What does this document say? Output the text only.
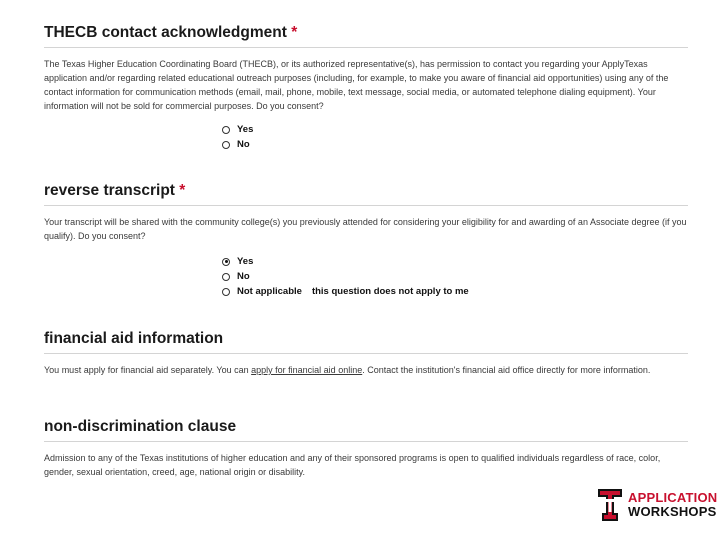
THECB contact acknowledgment *
The Texas Higher Education Coordinating Board (THECB), or its authorized representative(s), has permission to contact you regarding your ApplyTexas application and/or regarding related educational outreach purposes (including, for example, to make you aware of financial aid opportunities) using any of the contact information for communication methods (email, mail, phone, mobile, text message, social media, or automated telephone dialing equipment). Your information will not be sold for commercial purposes. Do you consent?
Yes
No
reverse transcript *
Your transcript will be shared with the community college(s) you previously attended for considering your eligibility for and awarding of an Associate degree (if you qualify). Do you consent?
Yes
No
Not applicable this question does not apply to me
financial aid information
You must apply for financial aid separately. You can apply for financial aid online. Contact the institution's financial aid office directly for more information.
non-discrimination clause
Admission to any of the Texas institutions of higher education and any of their sponsored programs is open to qualified individuals regardless of race, color, gender, sexual orientation, creed, age, national origin or disability.
APPLICATION
WORKSHOPS
